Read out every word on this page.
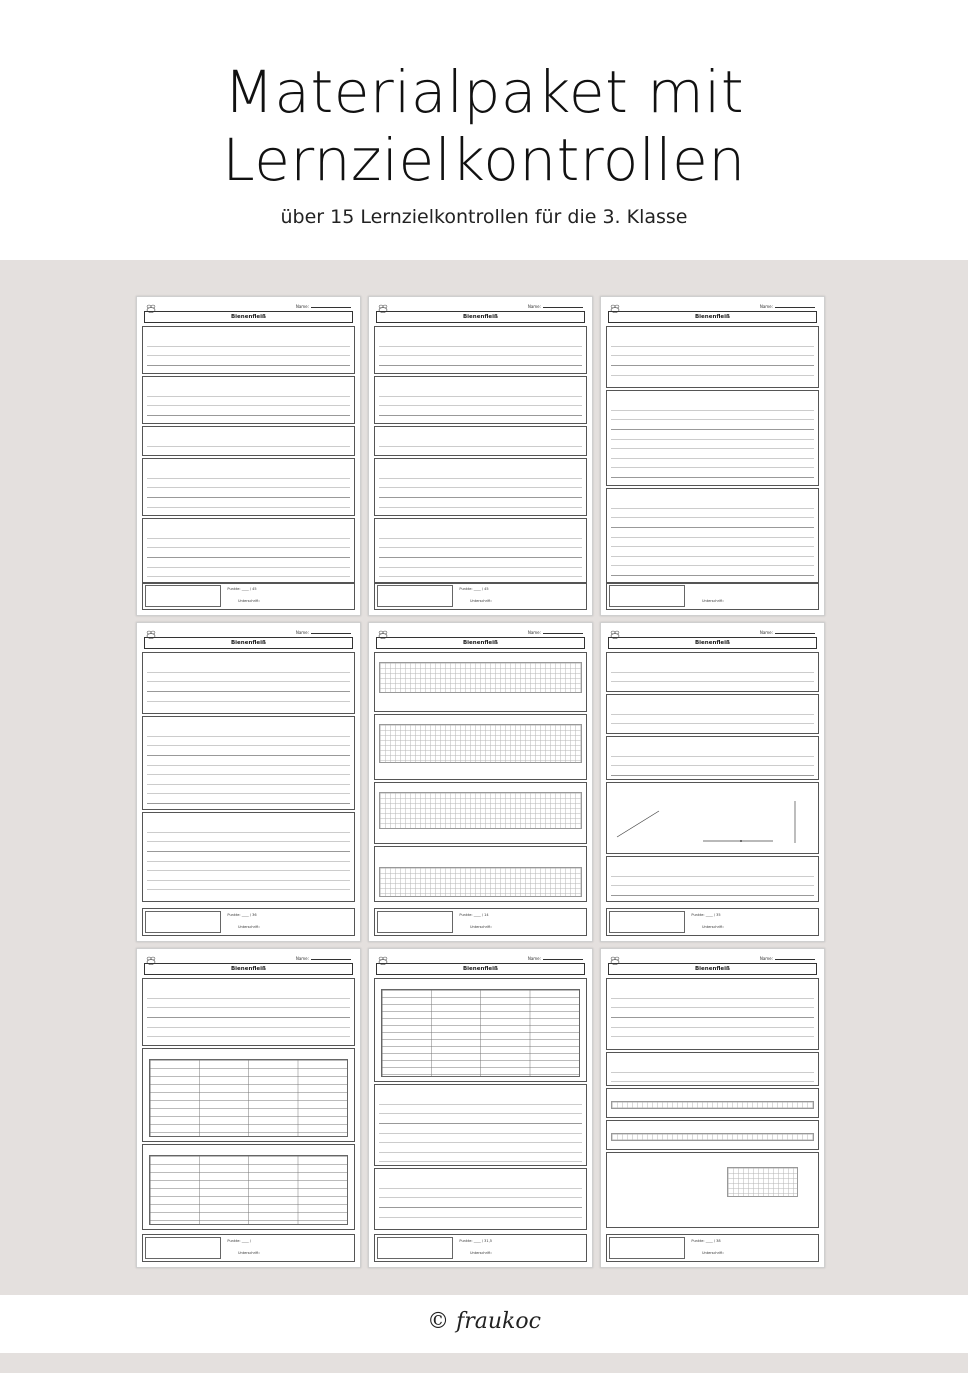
Materialpaket mit Lernzielkontrollen
über 15 Lernzielkontrollen für die 3. Klasse
Name:
Bienenfleiß
Punkte: ____ / 45
Unterschrift:
Name:
Bienenfleiß
Punkte: ____ / 45
Unterschrift:
Name:
Bienenfleiß
Unterschrift:
Name:
Bienenfleiß
Punkte: ____ / 36
Unterschrift:
Name:
Bienenfleiß
Punkte: ____ / 14
Unterschrift:
Name:
Bienenfleiß
Punkte: ____ / 35
Unterschrift:
Name:
Bienenfleiß
Punkte: ____ /
Unterschrift:
Name:
Bienenfleiß
Punkte: ____ / 31,5
Unterschrift:
Name:
Bienenfleiß
Punkte: ____ / 38
Unterschrift:
© fraukoc
